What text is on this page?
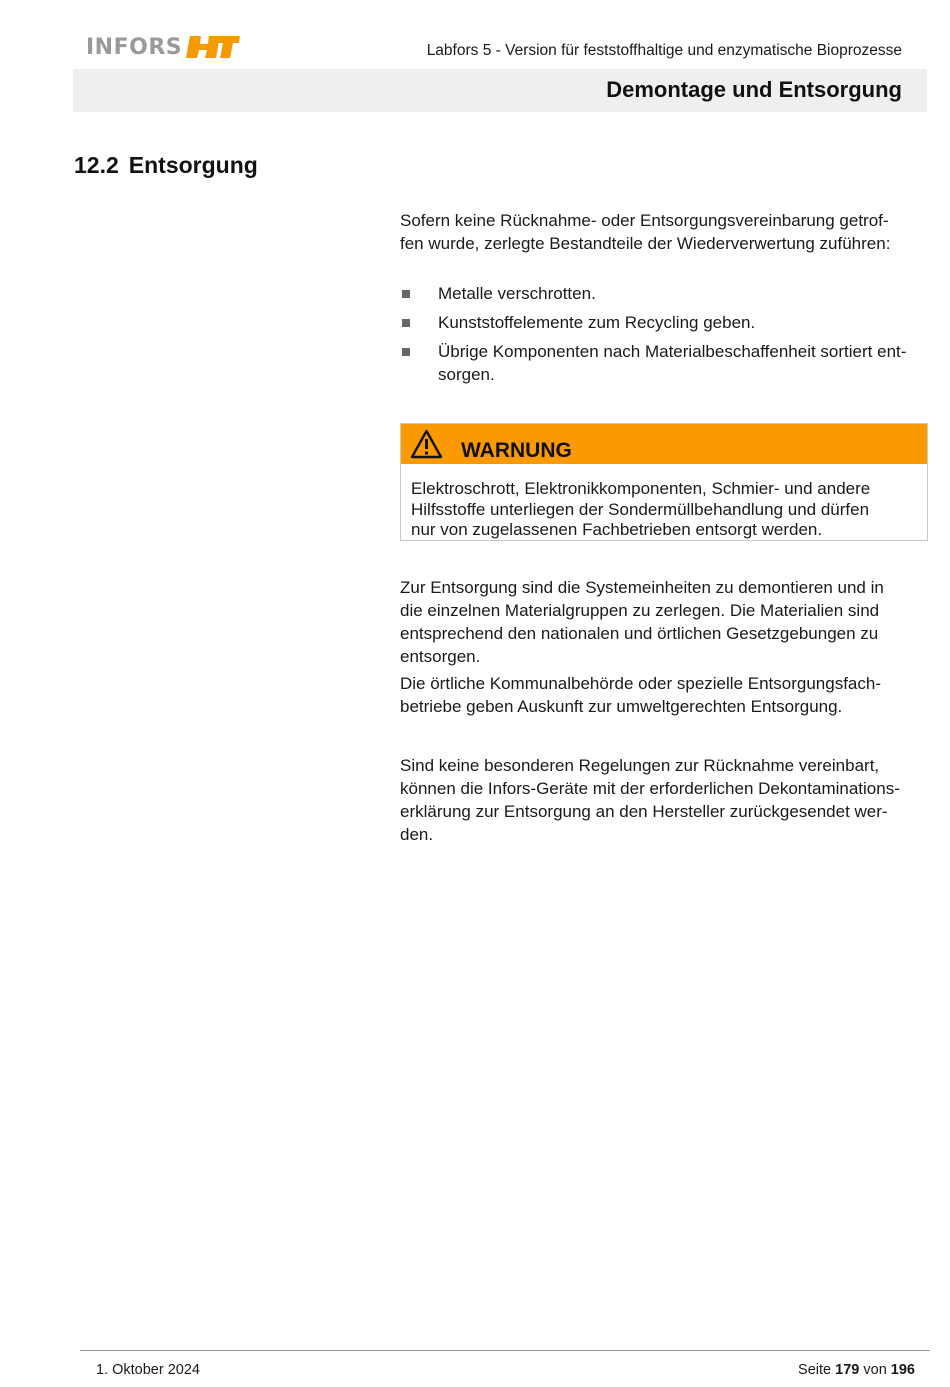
INFORS	Labfors 5 - Version für feststoffhaltige und enzymatische Bioprozesse
Demontage und Entsorgung
12.2 Entsorgung

Sofern keine Rücknahme- oder Entsorgungsvereinbarung getrof-
fen wurde, zerlegte Bestandteile der Wiederverwertung zuführen:

Metalle verschrotten.
Kunststoffelemente zum Recycling geben.
Übrige Komponenten nach Materialbeschaffenheit sortiert ent-
sorgen.
WARNUNG
Elektroschrott, Elektronikkomponenten, Schmier- und andere
Hilfsstoffe unterliegen der Sondermüllbehandlung und dürfen
nur von zugelassenen Fachbetrieben entsorgt werden.

Zur Entsorgung sind die Systemeinheiten zu demontieren und in
die einzelnen Materialgruppen zu zerlegen. Die Materialien sind
entsprechend den nationalen und örtlichen Gesetzgebungen zu
entsorgen.

Die örtliche Kommunalbehörde oder spezielle Entsorgungsfach-
betriebe geben Auskunft zur umweltgerechten Entsorgung.

Sind keine besonderen Regelungen zur Rücknahme vereinbart,
können die Infors-Geräte mit der erforderlichen Dekontaminations-
erklärung zur Entsorgung an den Hersteller zurückgesendet wer-
den.

1. Oktober 2024	Seite 179 von 196
